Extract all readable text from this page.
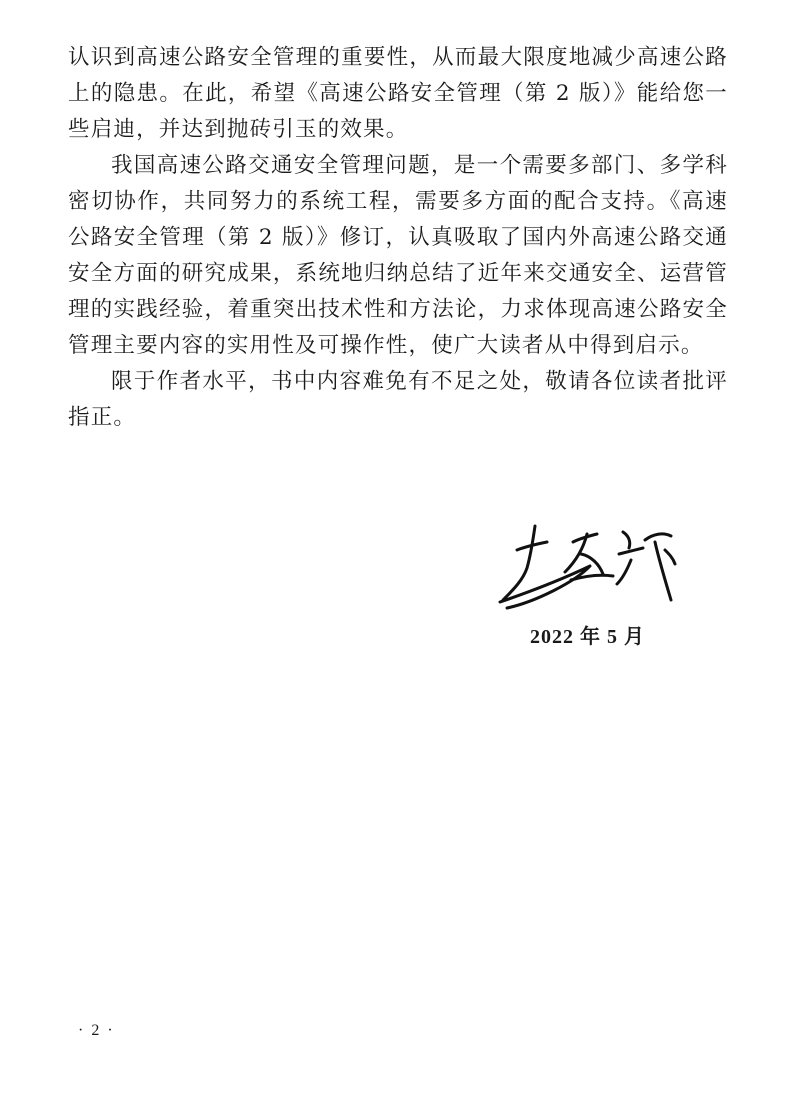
认识到高速公路安全管理的重要性，从而最大限度地减少高速公路上的隐患。在此，希望《高速公路安全管理（第 2 版）》能给您一些启迪，并达到抛砖引玉的效果。

我国高速公路交通安全管理问题，是一个需要多部门、多学科密切协作，共同努力的系统工程，需要多方面的配合支持。《高速公路安全管理（第 2 版）》修订，认真吸取了国内外高速公路交通安全方面的研究成果，系统地归纳总结了近年来交通安全、运营管理的实践经验，着重突出技术性和方法论，力求体现高速公路安全管理主要内容的实用性及可操作性，使广大读者从中得到启示。

限于作者水平，书中内容难免有不足之处，敬请各位读者批评指正。

2022 年 5 月
· 2 ·
